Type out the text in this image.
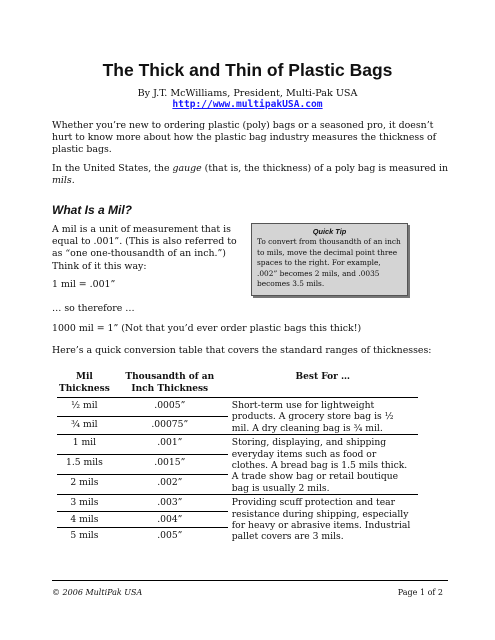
The Thick and Thin of Plastic Bags
By J.T. McWilliams, President, Multi-Pak USA
http://www.multipakUSA.com
Whether you’re new to ordering plastic (poly) bags or a seasoned pro, it doesn’t hurt to know more about how the plastic bag industry measures the thickness of plastic bags.
In the United States, the gauge (that is, the thickness) of a poly bag is measured in mils.
What Is a Mil?
A mil is a unit of measurement that is equal to .001”. (This is also referred to as “one one-thousandth of an inch.”) Think of it this way:
Quick Tip
To convert from thousandth of an inch to mils, move the decimal point three spaces to the right. For example, .002” becomes 2 mils, and .0035 becomes 3.5 mils.
1 mil = .001”
… so therefore …
1000 mil = 1” (Not that you’d ever order plastic bags this thick!)
Here’s a quick conversion table that covers the standard ranges of thicknesses:
Mil Thickness	Thousandth of an Inch Thickness	Best For …
½ mil	.0005”	Short-term use for lightweight products. A grocery store bag is ½ mil. A dry cleaning bag is ¾ mil.
¾ mil	.00075”	
1 mil	.001”	Storing, displaying, and shipping everyday items such as food or clothes. A bread bag is 1.5 mils thick. A trade show bag or retail boutique bag is usually 2 mils.
1.5 mils	.0015”	
2 mils	.002”	
3 mils	.003”	Providing scuff protection and tear resistance during shipping, especially for heavy or abrasive items. Industrial pallet covers are 3 mils.
4 mils	.004”	
5 mils	.005”	
© 2006 MultiPak USA	Page 1 of 2
